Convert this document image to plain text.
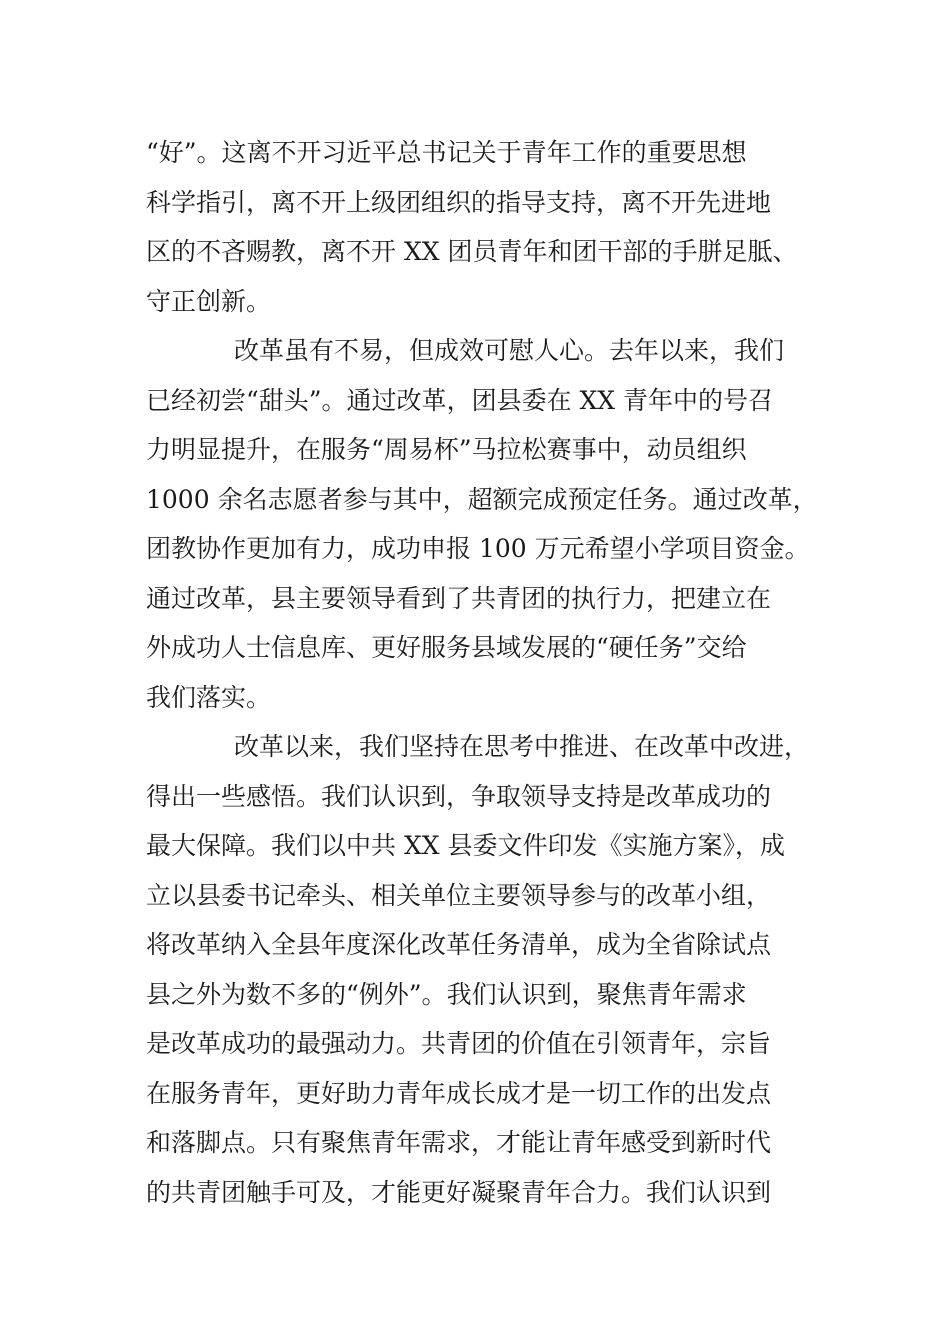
“好”。这离不开习近平总书记关于青年工作的重要思想
科学指引，离不开上级团组织的指导支持，离不开先进地
区的不吝赐教，离不开 XX 团员青年和团干部的手胼足胝、
守正创新。
改革虽有不易，但成效可慰人心。去年以来，我们
已经初尝“甜头”。通过改革，团县委在 XX 青年中的号召
力明显提升，在服务“周易杯”马拉松赛事中，动员组织
1000 余名志愿者参与其中，超额完成预定任务。通过改革，
团教协作更加有力，成功申报 100 万元希望小学项目资金。
通过改革，县主要领导看到了共青团的执行力，把建立在
外成功人士信息库、更好服务县域发展的“硬任务”交给
我们落实。
改革以来，我们坚持在思考中推进、在改革中改进，
得出一些感悟。我们认识到，争取领导支持是改革成功的
最大保障。我们以中共 XX 县委文件印发《实施方案》，成
立以县委书记牵头、相关单位主要领导参与的改革小组，
将改革纳入全县年度深化改革任务清单，成为全省除试点
县之外为数不多的“例外”。我们认识到，聚焦青年需求
是改革成功的最强动力。共青团的价值在引领青年，宗旨
在服务青年，更好助力青年成长成才是一切工作的出发点
和落脚点。只有聚焦青年需求，才能让青年感受到新时代
的共青团触手可及，才能更好凝聚青年合力。我们认识到
